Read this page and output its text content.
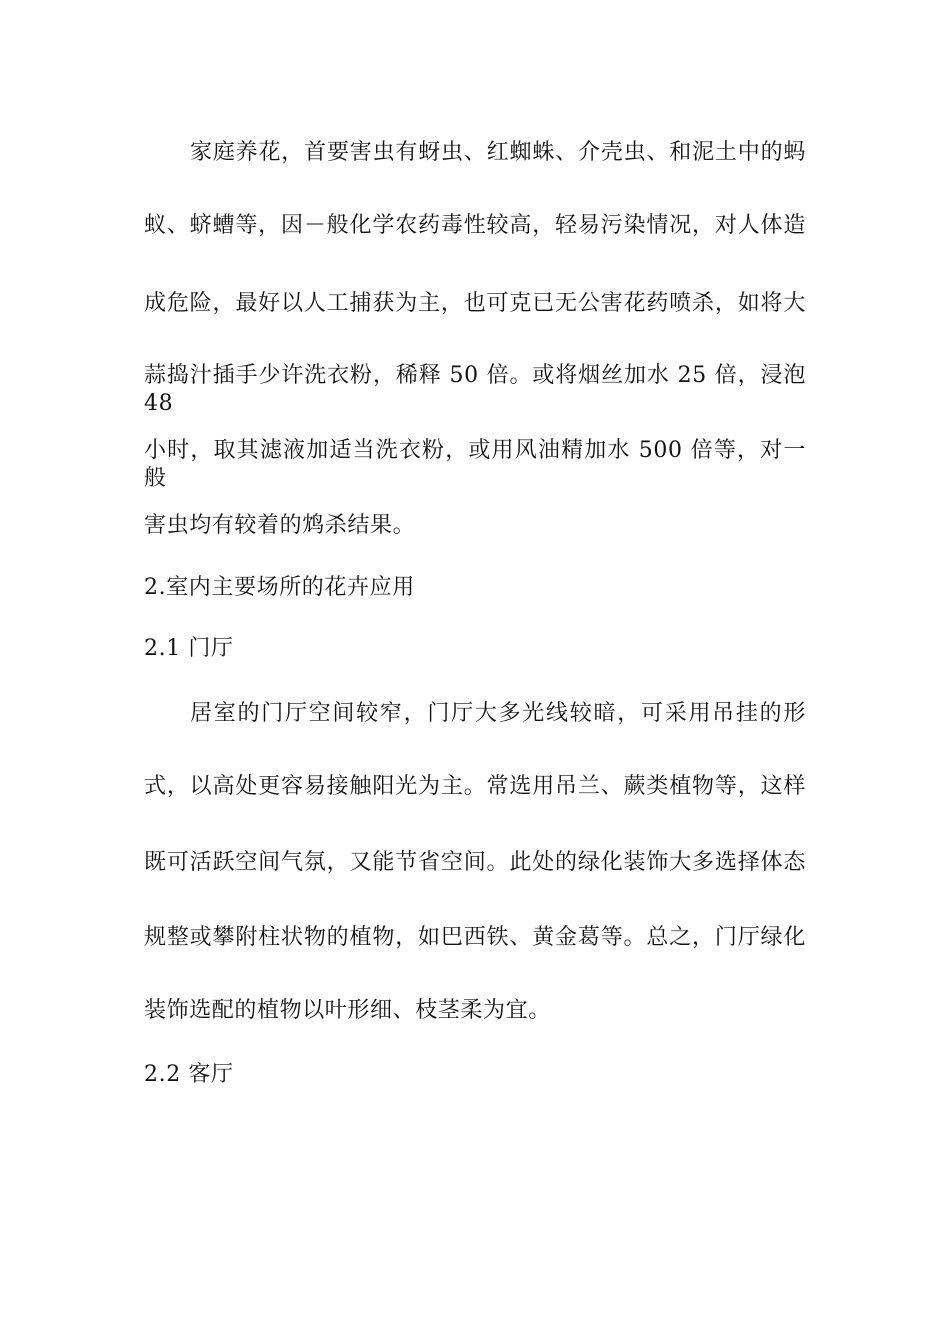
家庭养花，首要害虫有蚜虫、红蜘蛛、介壳虫、和泥土中的蚂
蚁、蛴螬等，因－般化学农药毒性较高，轻易污染情况，对人体造
成危险，最好以人工捕获为主，也可克已无公害花药喷杀，如将大
蒜捣汁插手少许洗衣粉，稀释 50 倍。或将烟丝加水 25 倍，浸泡 48
小时，取其滤液加适当洗衣粉，或用风油精加水 500 倍等，对一般
害虫均有较着的鸩杀结果。
2.室内主要场所的花卉应用
2.1 门厅
居室的门厅空间较窄，门厅大多光线较暗，可采用吊挂的形
式，以高处更容易接触阳光为主。常选用吊兰、蕨类植物等，这样
既可活跃空间气氛，又能节省空间。此处的绿化装饰大多选择体态
规整或攀附柱状物的植物，如巴西铁、黄金葛等。总之，门厅绿化
装饰选配的植物以叶形细、枝茎柔为宜。
2.2 客厅
